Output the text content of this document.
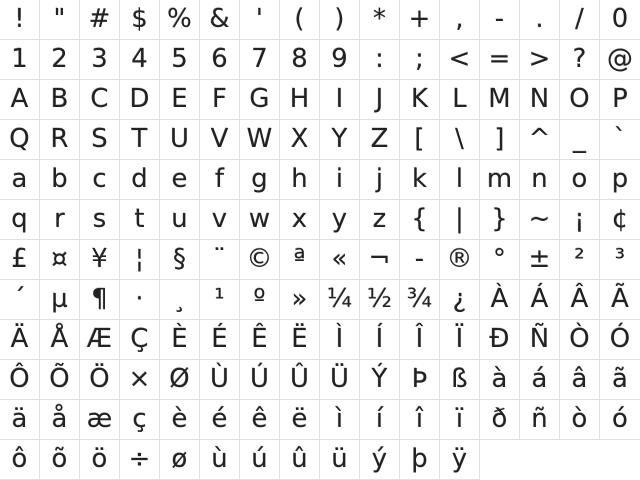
!	" # $ % &	'	(	)	* + ,	-	.	/	0
1 2 3 4 5 6 7 8 9	:	; < = > ? @
A B C D E F G H	I	J	K L M N O P
Q R S T U V W X Y Z	[	\	] ^ _	`
a b c d e	f	g h	i	j	k	l m n o p
q	r	s	t	u v w x y z {	|	} ~ ¡	¢
£ ¤ ¥	¦	§	¨ © ª « ¬ - ® ° ± ²	³
´ µ ¶	·	¸	¹	º » ¼ ½ ¾ ¿ À Á Â Ã
Ä Å Æ Ç È É Ê Ë	Ì	Í	Î	Ï	Ð Ñ Ò Ó
Ô Õ Ö × Ø Ù Ú Û Ü Ý Þ ß à á â ã
ä å æ ç è é ê ë	ì	í	î	ï	ð ñ ò ó
ô õ ö ÷ ø ù ú û ü ý þ ÿ
